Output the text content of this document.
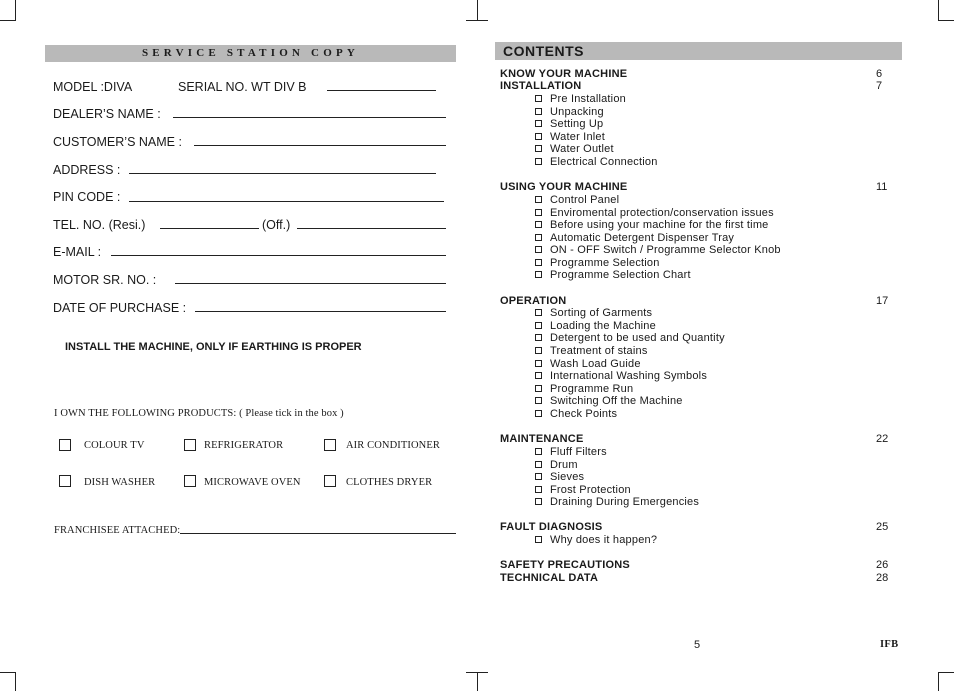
SERVICE STATION COPY
MODEL :DIVA	SERIAL NO. WT DIV B
DEALER’S NAME :
CUSTOMER’S NAME :
ADDRESS :
PIN CODE :
TEL. NO. (Resi.)	(Off.)
E-MAIL :
MOTOR SR. NO. :
DATE OF PURCHASE :
INSTALL THE MACHINE, ONLY IF EARTHING IS PROPER
I OWN THE FOLLOWING PRODUCTS: ( Please tick in the box )
COLOUR TV	REFRIGERATOR	AIR CONDITIONER
DISH WASHER	MICROWAVE OVEN	CLOTHES DRYER
FRANCHISEE ATTACHED:
CONTENTS
KNOW YOUR MACHINE	6
INSTALLATION	7
Pre Installation
Unpacking
Setting Up
Water Inlet
Water Outlet
Electrical Connection
USING YOUR MACHINE	11
Control Panel
Enviromental protection/conservation issues
Before using your machine for the first time
Automatic Detergent Dispenser Tray
ON - OFF Switch / Programme Selector Knob
Programme Selection
Programme Selection Chart
OPERATION	17
Sorting of Garments
Loading the Machine
Detergent to be used and Quantity
Treatment of stains
Wash Load Guide
International Washing Symbols
Programme Run
Switching Off the Machine
Check Points
MAINTENANCE	22
Fluff Filters
Drum
Sieves
Frost Protection
Draining During Emergencies
FAULT DIAGNOSIS	25
Why does it happen?
SAFETY PRECAUTIONS	26
TECHNICAL DATA	28
5	IFB
